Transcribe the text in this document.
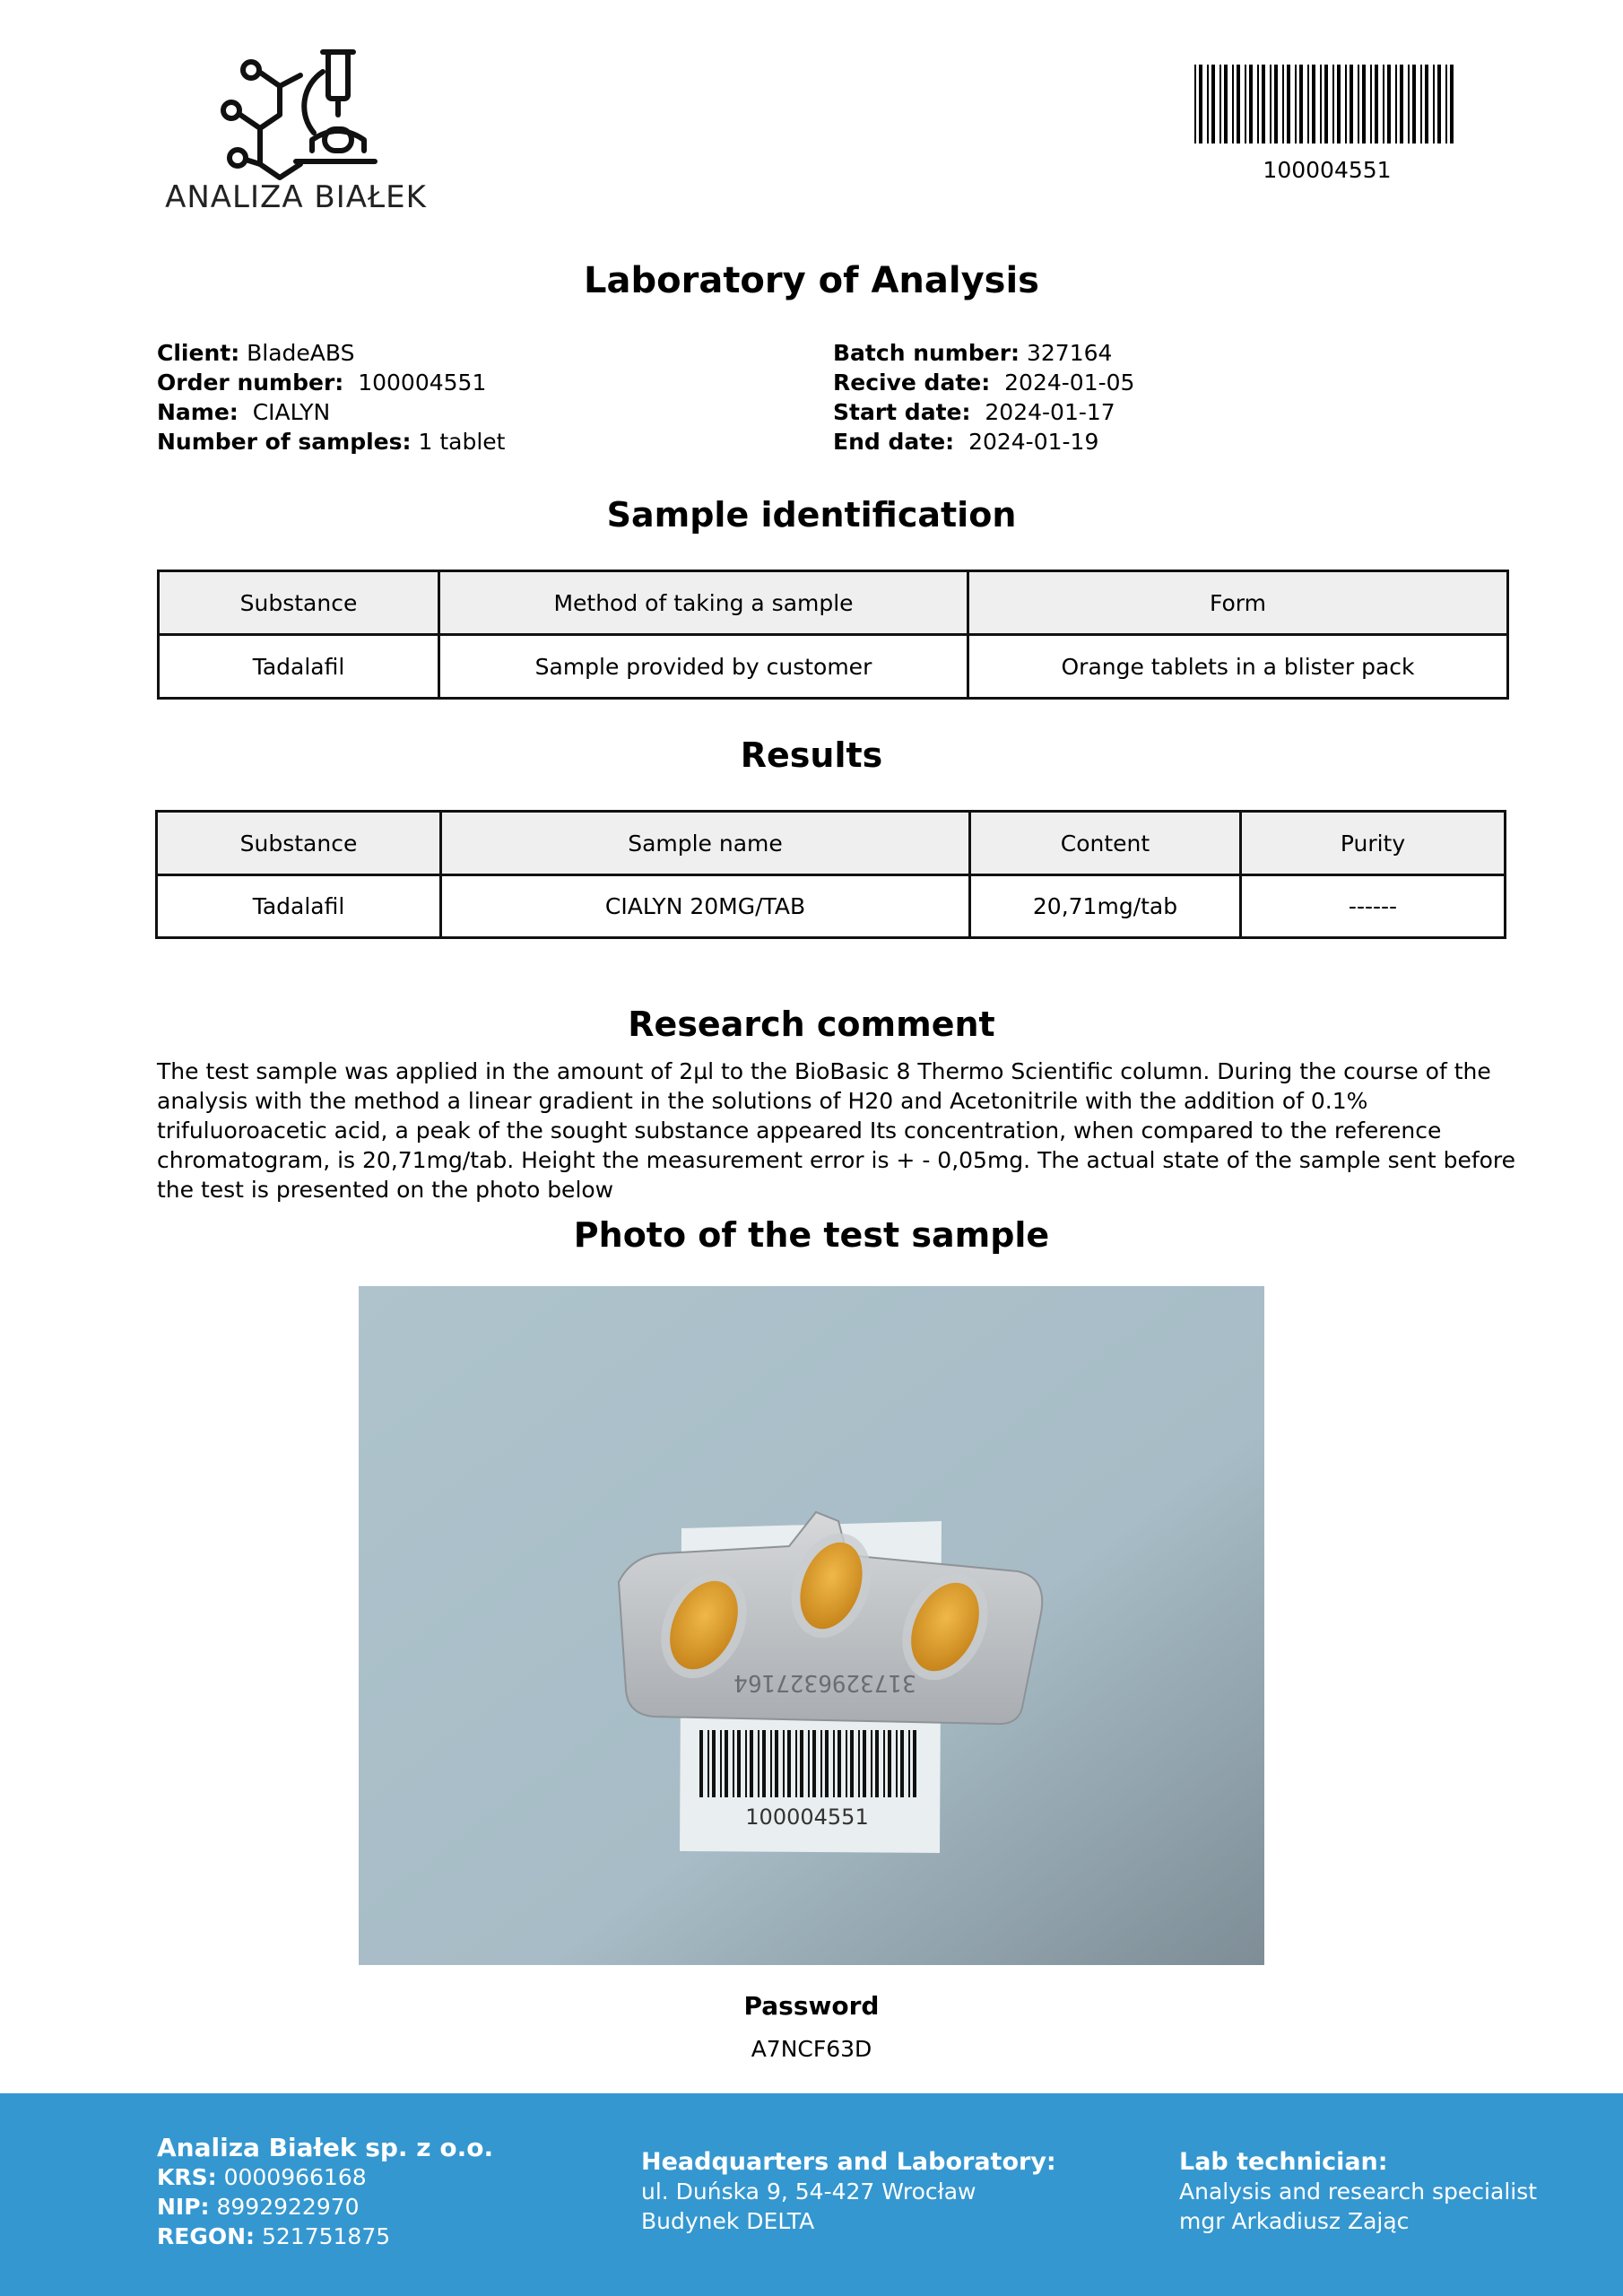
ANALIZA BIAŁEK
100004551
Laboratory of Analysis
Client: BladeABS
Order number: 100004551
Name: CIALYN
Number of samples: 1 tablet
Batch number: 327164
Recive date: 2024-01-05
Start date: 2024-01-17
End date: 2024-01-19
Sample identification
Substance	Method of taking a sample	Form
Tadalafil	Sample provided by customer	Orange tablets in a blister pack
Results
Substance	Sample name	Content	Purity
Tadalafil	CIALYN 20MG/TAB	20,71mg/tab	------
Research comment
The test sample was applied in the amount of 2µl to the BioBasic 8 Thermo Scientific column. During the course of the analysis with the method a linear gradient in the solutions of H20 and Acetonitrile with the addition of 0.1% trifuluoroacetic acid, a peak of the sought substance appeared Its concentration, when compared to the reference chromatogram, is 20,71mg/tab. Height the measurement error is + - 0,05mg. The actual state of the sample sent before the test is presented on the photo below
Photo of the test sample
3173296327164
100004551
Password
A7NCF63D
Analiza Białek sp. z o.o.
KRS: 0000966168
NIP: 8992922970
REGON: 521751875
Headquarters and Laboratory:
ul. Duńska 9, 54-427 Wrocław
Budynek DELTA
Lab technician:
Analysis and research specialist
mgr Arkadiusz Zając
